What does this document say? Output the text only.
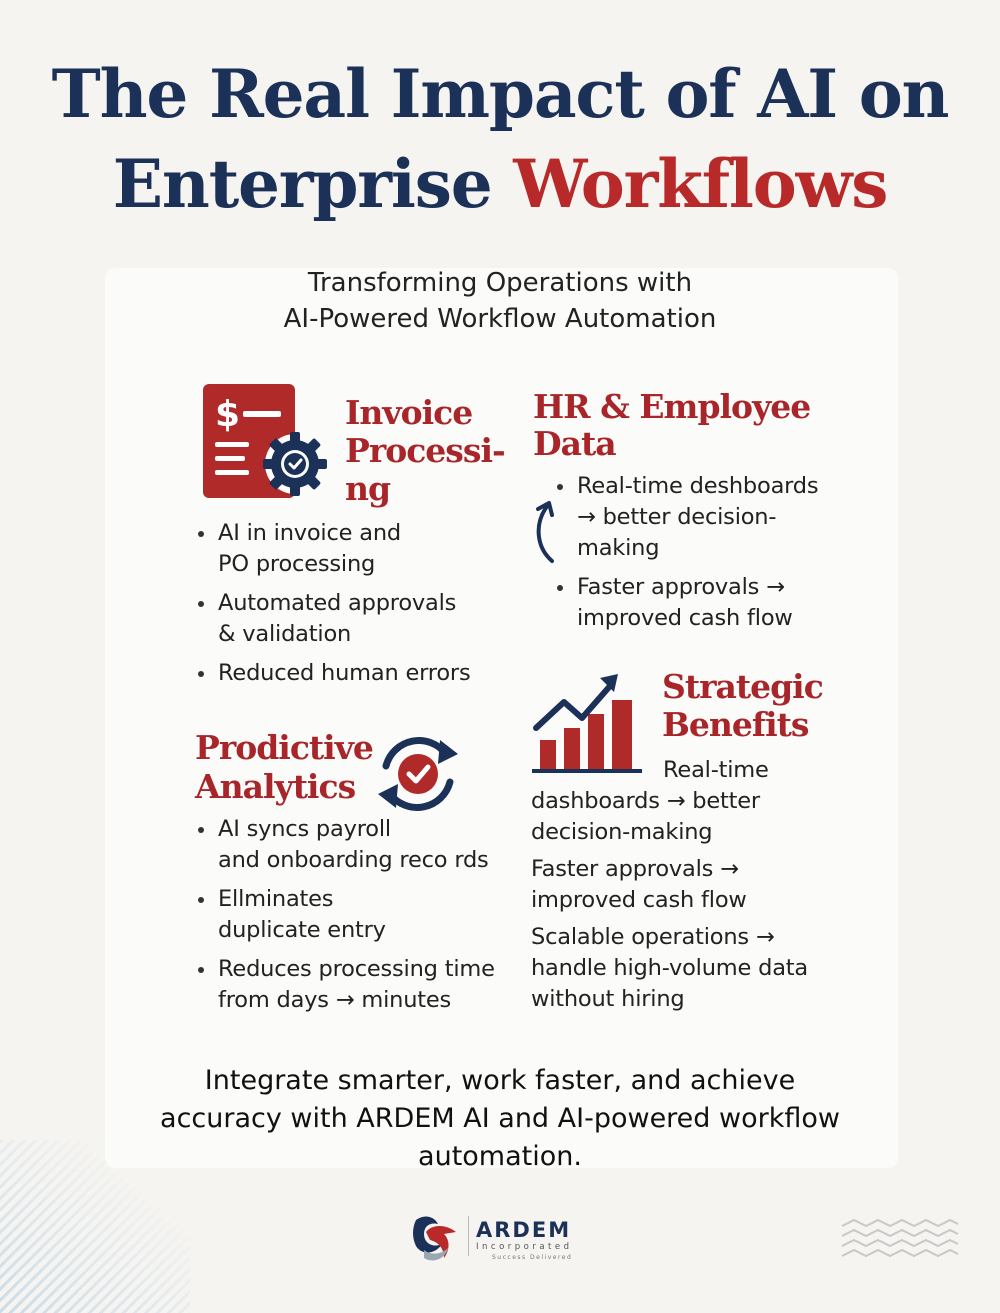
The Real Impact of AI on
Enterprise Workflows

Transforming Operations with
AI-Powered Workflow Automation

$	Invoice
Processi-
ng
AI in invoice and
PO processing
Automated approvals
& validation
Reduced human errors
HR & Employee
Data
Real-time deshboards
→ better decision-
making
Faster approvals →
improved cash flow
Prodictive
Analytics
AI syncs payroll
and onboarding reco rds
Ellminates
duplicate entry
Reduces processing time
from days → minutes
Strategic
Benefits

Real-time
dashboards → better
decision-making

Faster approvals →
improved cash flow

Scalable operations →
handle high-volume data
without hiring

Integrate smarter, work faster, and achieve
accuracy with ARDEM AI and AI-powered workflow
automation.

ARDEM
Incorporated
Success Delivered
